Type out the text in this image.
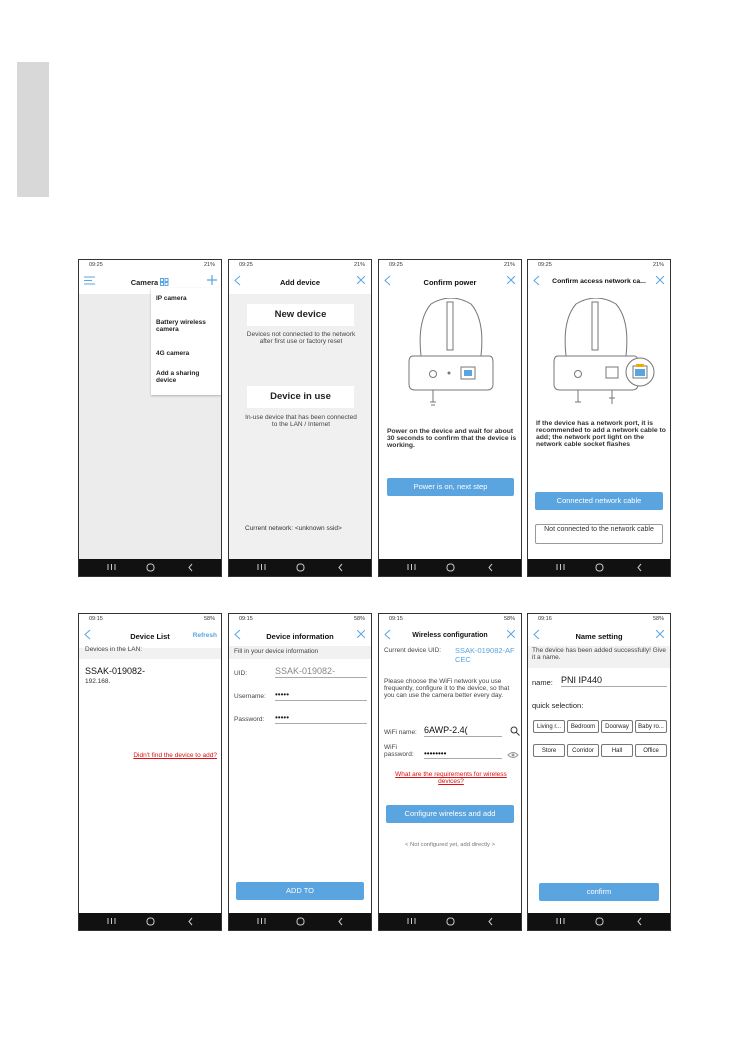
09:25	21%
Camera
IP camera
Battery wireless camera
4G camera
Add a sharing device
09:25	21%
Add device
New device
Devices not connected to the network after first use or factory reset
Device in use
In-use device that has been connected to the LAN / Internet
Current network: <unknown ssid>
09:25	21%
Confirm power
Power on the device and wait for about 30 seconds to confirm that the device is working.
Power is on, next step
09:25	21%
Confirm access network ca...
If the device has a network port, it is recommended to add a network cable to add; the network port light on the network cable socket flashes
Connected network cable
Not connected to the network cable
09:15	58%
Device List	Refresh
Devices in the LAN:
SSAK-019082-
192.168.
Didn't find the device to add?
09:15	58%
Device information
Fill in your device information
UID:	SSAK-019082-
Username: •••••
Password: •••••
ADD TO
09:15	58%
Wireless configuration
Current device UID: SSAK-019082-AF CEC
Please choose the WiFi network you use frequently, configure it to the device, so that you can use the camera better every day.
WiFi name: 6AWP-2.4(
WiFi password:	••••••••
What are the requirements for wireless devices?
Configure wireless and add
< Not configured yet, add directly >
09:16	58%
Name setting
The device has been added successfully! Give it a name.
name: PNI IP440
quick selection:
Living r...	Bedroom	Doorway	Baby ro...
Store	Corridor	Hall	Office
confirm
